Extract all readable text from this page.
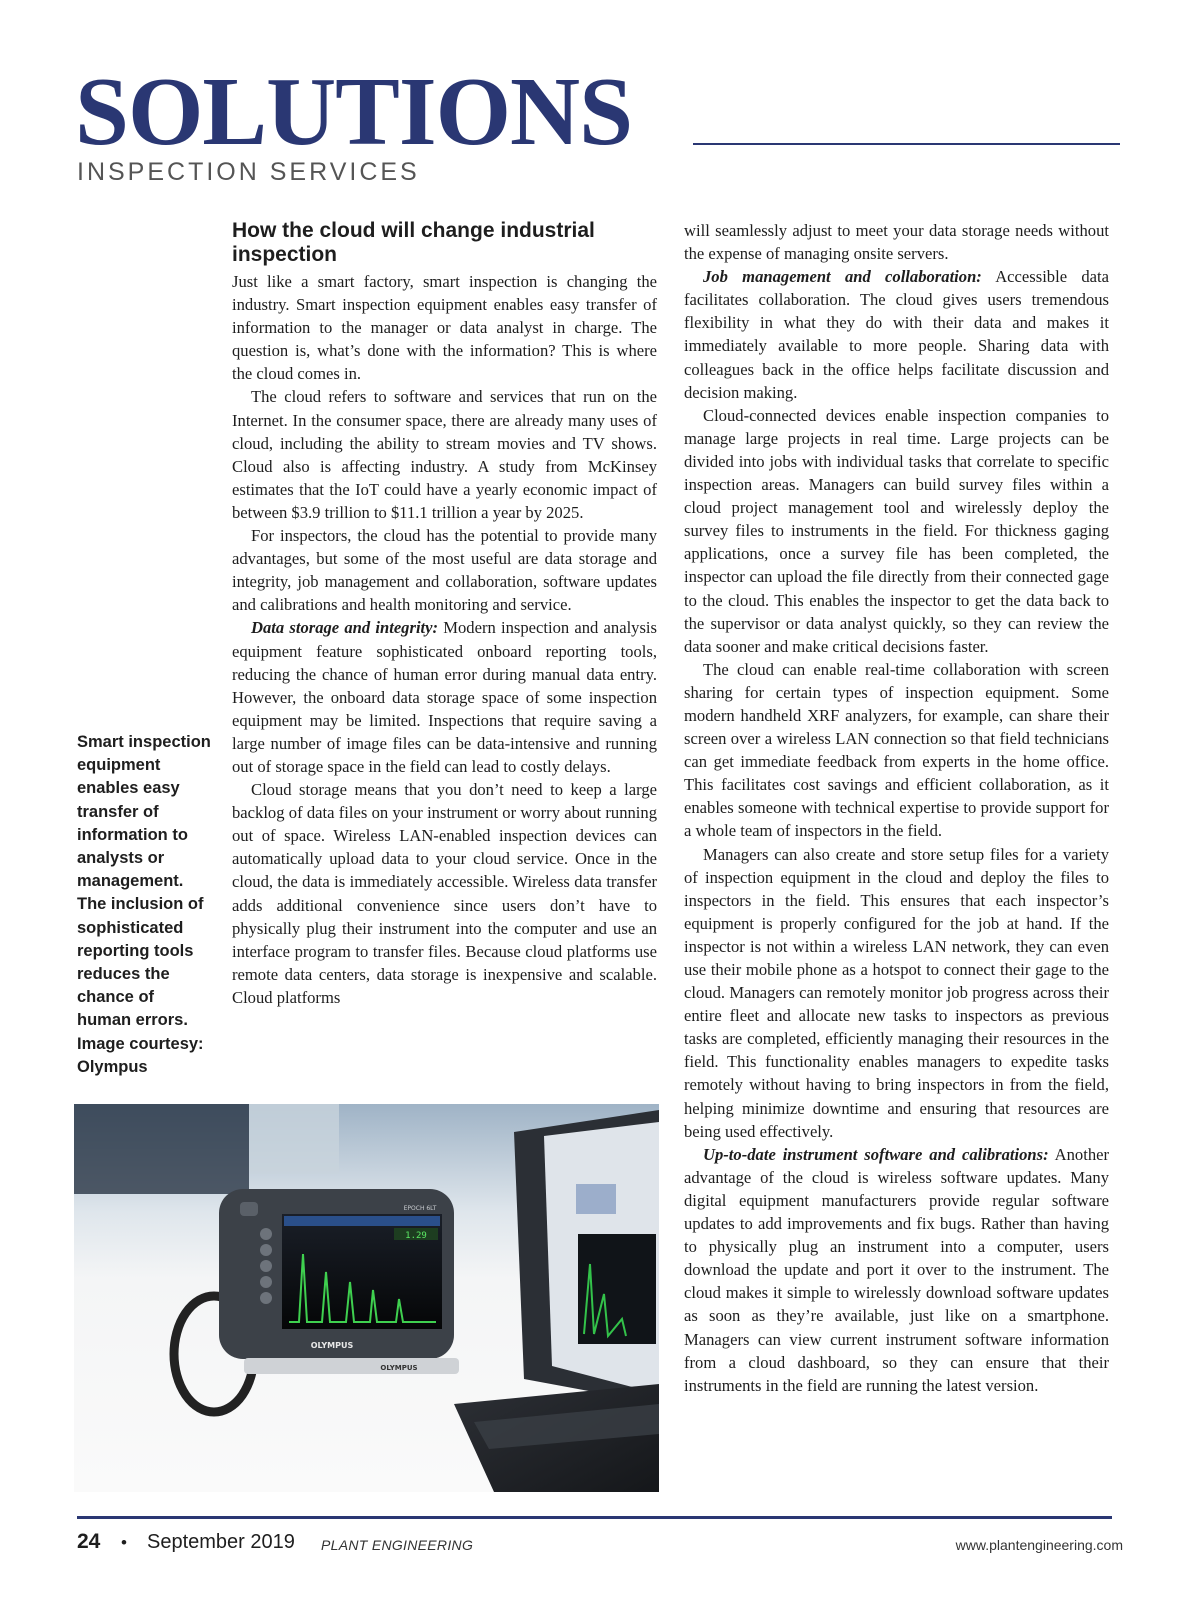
SOLUTIONS
INSPECTION SERVICES
Smart inspection equipment enables easy transfer of information to analysts or management. The inclusion of sophisticated reporting tools reduces the chance of human errors. Image courtesy: Olympus
How the cloud will change industrial inspection

Just like a smart factory, smart inspection is changing the industry. Smart inspection equipment enables easy transfer of information to the manager or data analyst in charge. The question is, what’s done with the information? This is where the cloud comes in.

The cloud refers to software and services that run on the Internet. In the consumer space, there are already many uses of cloud, including the ability to stream movies and TV shows. Cloud also is affecting industry. A study from McKinsey estimates that the IoT could have a yearly economic impact of between $3.9 trillion to $11.1 trillion a year by 2025.

For inspectors, the cloud has the potential to provide many advantages, but some of the most useful are data storage and integrity, job management and collaboration, software updates and calibrations and health monitoring and service.

Data storage and integrity: Modern inspection and analysis equipment feature sophisticated onboard reporting tools, reducing the chance of human error during manual data entry. However, the onboard data storage space of some inspection equipment may be limited. Inspections that require saving a large number of image files can be data-intensive and running out of storage space in the field can lead to costly delays.

Cloud storage means that you don’t need to keep a large backlog of data files on your instrument or worry about running out of space. Wireless LAN-enabled inspection devices can automatically upload data to your cloud service. Once in the cloud, the data is immediately accessible. Wireless data transfer adds additional convenience since users don’t have to physically plug their instrument into the computer and use an interface program to transfer files. Because cloud platforms use remote data centers, data storage is inexpensive and scalable. Cloud platforms

will seamlessly adjust to meet your data storage needs without the expense of managing onsite servers.

Job management and collaboration: Accessible data facilitates collaboration. The cloud gives users tremendous flexibility in what they do with their data and makes it immediately available to more people. Sharing data with colleagues back in the office helps facilitate discussion and decision making.

Cloud-connected devices enable inspection companies to manage large projects in real time. Large projects can be divided into jobs with individual tasks that correlate to specific inspection areas. Managers can build survey files within a cloud project management tool and wirelessly deploy the survey files to instruments in the field. For thickness gaging applications, once a survey file has been completed, the inspector can upload the file directly from their connected gage to the cloud. This enables the inspector to get the data back to the supervisor or data analyst quickly, so they can review the data sooner and make critical decisions faster.

The cloud can enable real-time collaboration with screen sharing for certain types of inspection equipment. Some modern handheld XRF analyzers, for example, can share their screen over a wireless LAN connection so that field technicians can get immediate feedback from experts in the home office. This facilitates cost savings and efficient collaboration, as it enables someone with technical expertise to provide support for a whole team of inspectors in the field.

Managers can also create and store setup files for a variety of inspection equipment in the cloud and deploy the files to inspectors in the field. This ensures that each inspector’s equipment is properly configured for the job at hand. If the inspector is not within a wireless LAN network, they can even use their mobile phone as a hotspot to connect their gage to the cloud. Managers can remotely monitor job progress across their entire fleet and allocate new tasks to inspectors as previous tasks are completed, efficiently managing their resources in the field. This functionality enables managers to expedite tasks remotely without having to bring inspectors in from the field, helping minimize downtime and ensuring that resources are being used effectively.

Up-to-date instrument software and calibrations: Another advantage of the cloud is wireless software updates. Many digital equipment manufacturers provide regular software updates to add improvements and fix bugs. Rather than having to physically plug an instrument into a computer, users download the update and port it over to the instrument. The cloud makes it simple to wirelessly download software updates as soon as they’re available, just like on a smartphone. Managers can view current instrument software information from a cloud dashboard, so they can ensure that their instruments in the field are running the latest version.

1.29
EPOCH 6LT
OLYMPUS
OLYMPUS
24 • September 2019 PLANT ENGINEERING	www.plantengineering.com
